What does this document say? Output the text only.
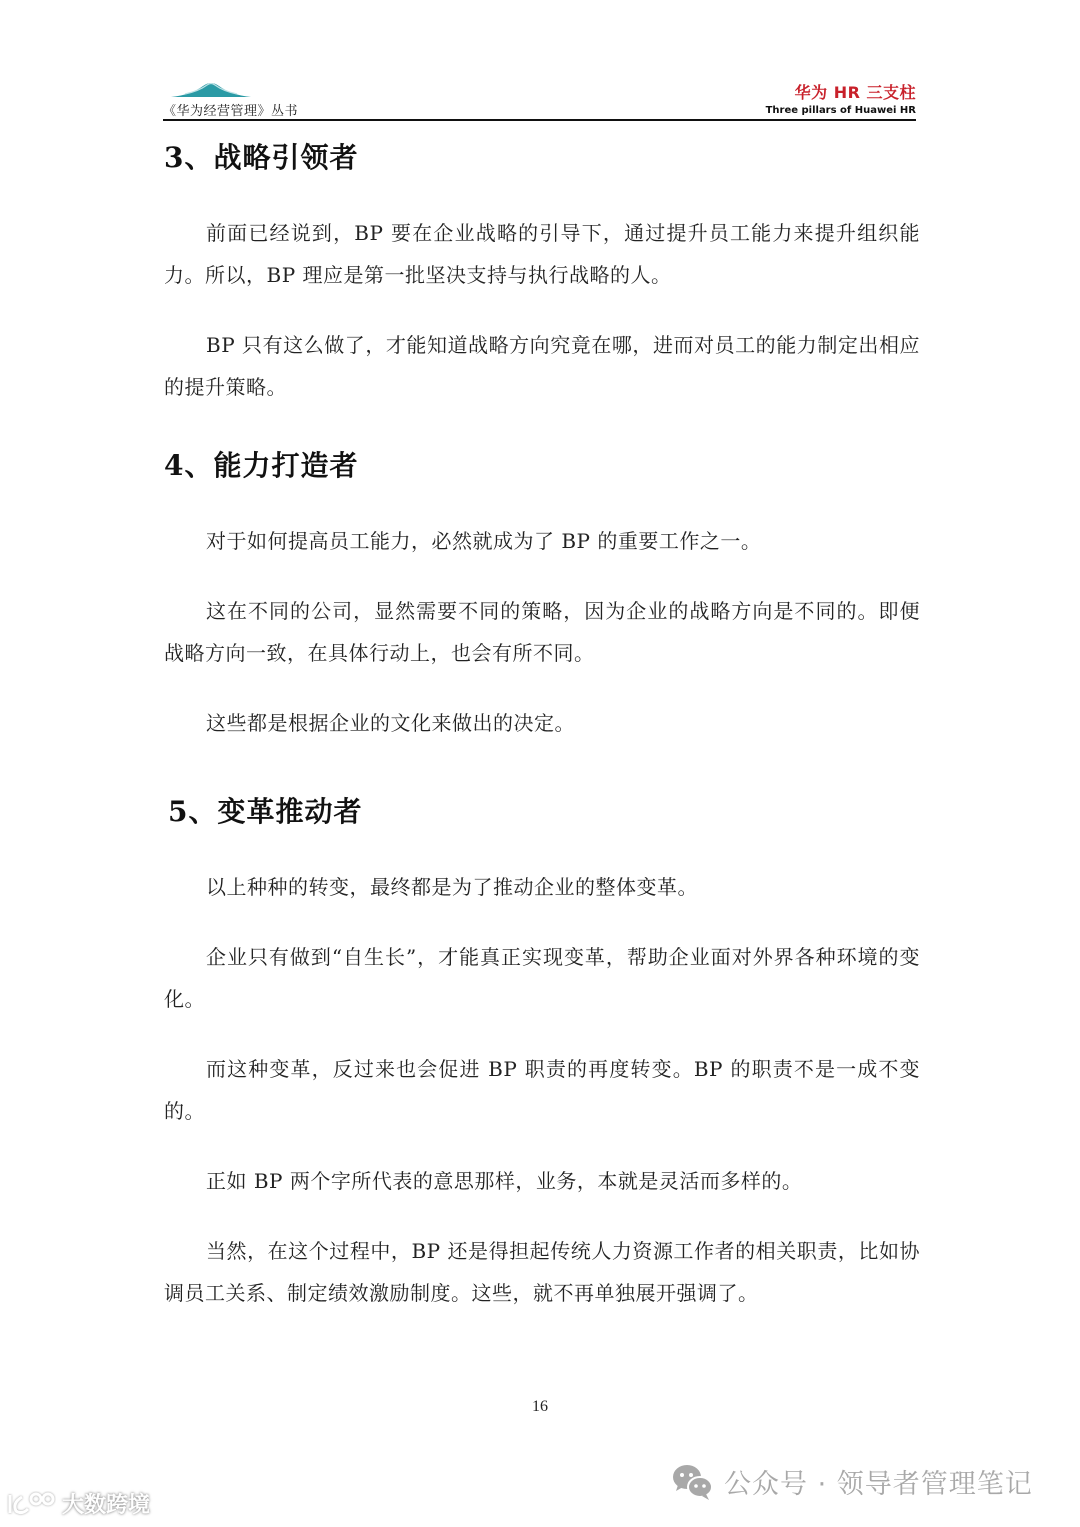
《华为经营管理》丛书
华为 HR 三支柱
Three pillars of Huawei HR
3、战略引领者

前面已经说到，BP 要在企业战略的引导下，通过提升员工能力来提升组织能力。所以，BP 理应是第一批坚决支持与执行战略的人。

BP 只有这么做了，才能知道战略方向究竟在哪，进而对员工的能力制定出相应的提升策略。

4、能力打造者

对于如何提高员工能力，必然就成为了 BP 的重要工作之一。

这在不同的公司，显然需要不同的策略，因为企业的战略方向是不同的。即便战略方向一致，在具体行动上，也会有所不同。

这些都是根据企业的文化来做出的决定。

5、变革推动者

以上种种的转变，最终都是为了推动企业的整体变革。

企业只有做到“自生长”，才能真正实现变革，帮助企业面对外界各种环境的变化。

而这种变革，反过来也会促进 BP 职责的再度转变。BP 的职责不是一成不变的。

正如 BP 两个字所代表的意思那样，业务，本就是灵活而多样的。

当然，在这个过程中，BP 还是得担起传统人力资源工作者的相关职责，比如协调员工关系、制定绩效激励制度。这些，就不再单独展开强调了。

16
大数跨境
公众号 · 领导者管理笔记
